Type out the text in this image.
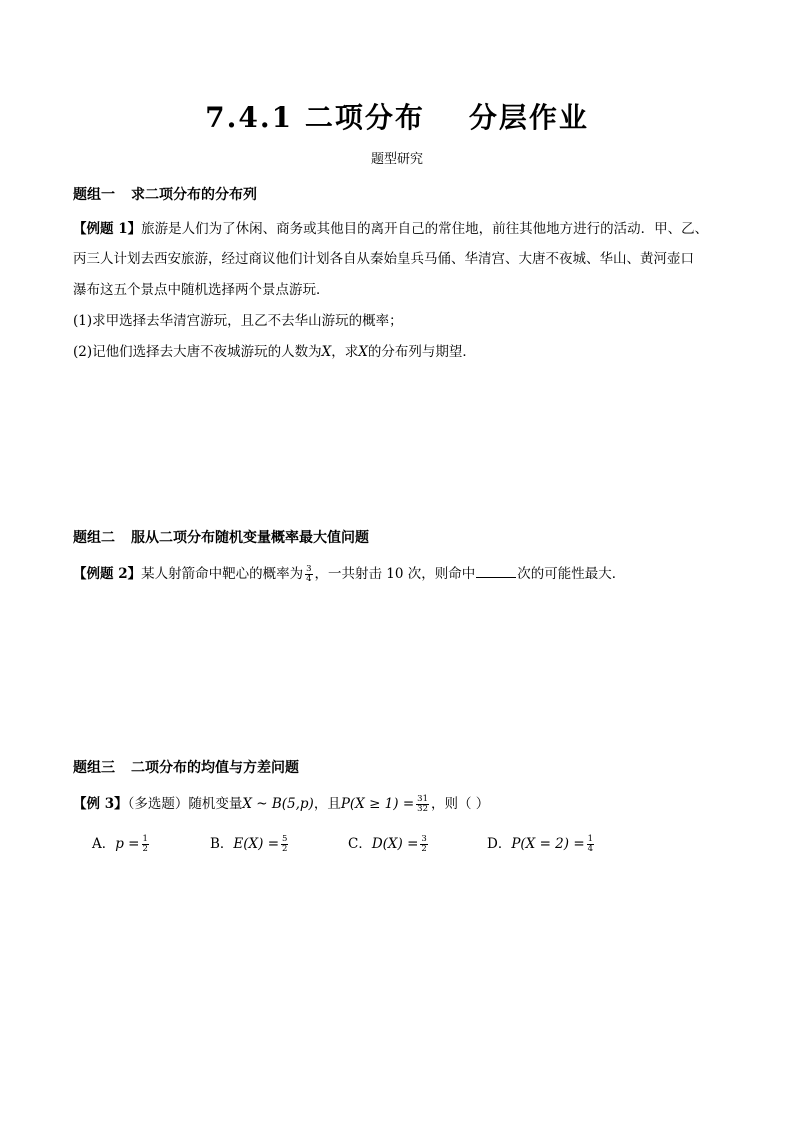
7.4.1 二项分布 分层作业
题型研究
题组一 求二项分布的分布列
【例题 1】旅游是人们为了休闲、商务或其他目的离开自己的常住地，前往其他地方进行的活动．甲、乙、
丙三人计划去西安旅游，经过商议他们计划各自从秦始皇兵马俑、华清宫、大唐不夜城、华山、黄河壶口
瀑布这五个景点中随机选择两个景点游玩．
(1)求甲选择去华清宫游玩，且乙不去华山游玩的概率；
(2)记他们选择去大唐不夜城游玩的人数为X，求X的分布列与期望．
题组二 服从二项分布随机变量概率最大值问题
【例题 2】某人射箭命中靶心的概率为 $\frac{3}{4}$ ，一共射击 10 次，则命中	次的可能性最大．
题组三 二项分布的均值与方差问题
【例 3】（多选题）随机变量X ~ B(5,p)，且$P(X \ge 1) = \frac{31}{32}$ ，则（ ）
A．$p = \frac{1}{2}$	B．$E(X) = \frac{5}{2}$	C．$D(X) = \frac{3}{2}$	D．$P(X = 2) = \frac{1}{4}$
